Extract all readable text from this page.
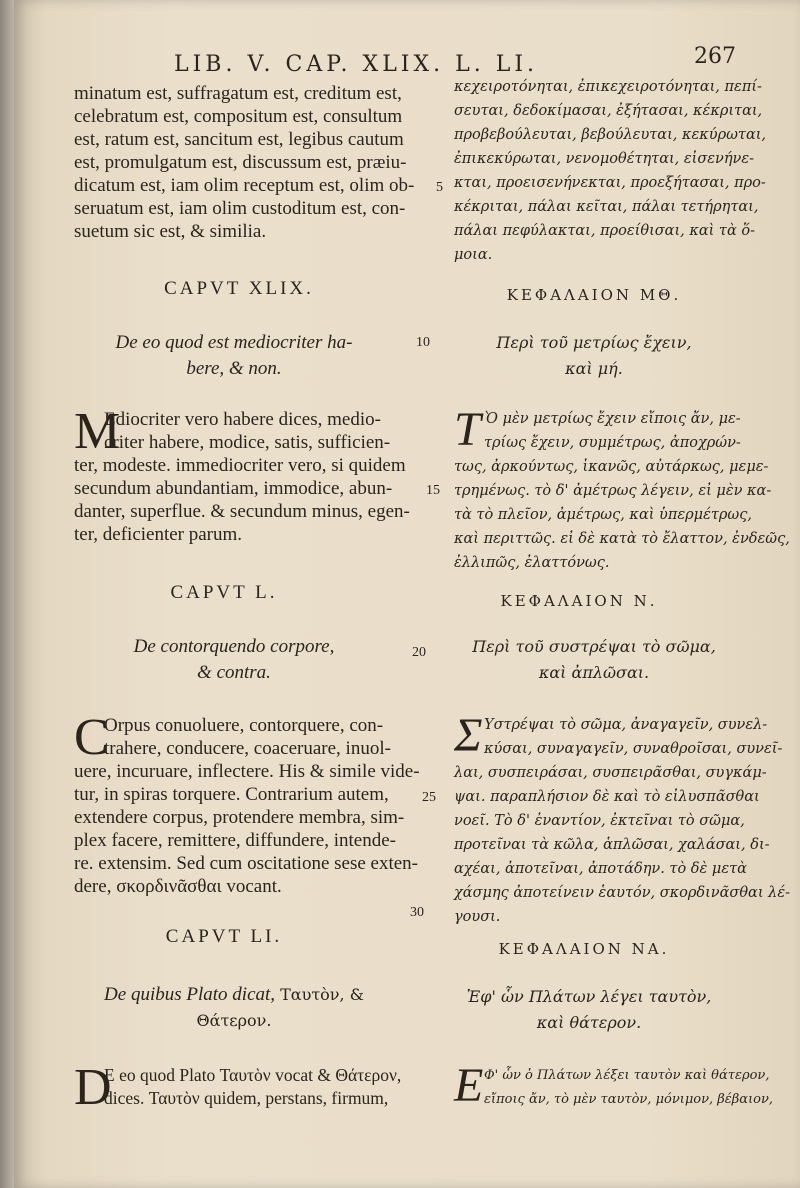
LIB. V. CAP. XLIX. L. LI.	267
minatum est, suffragatum est, creditum est,
celebratum est, compositum est, consultum
est, ratum est, sancitum est, legibus cautum
est, promulgatum est, discussum est, præiu-
dicatum est, iam olim receptum est, olim ob-
seruatum est, iam olim custoditum est, con-
suetum sic est, & similia.
κεχειροτόνηται, ἐπικεχειροτόνηται, πεπί-
σευται, δεδοκίμασαι, ἐξήτασαι, κέκριται,
προβεβούλευται, βεβούλευται, κεκύρωται,
ἐπικεκύρωται, νενομοθέτηται, εἰσενήνε-
κται, προεισενήνεκται, προεξήτασαι, προ-
κέκριται, πάλαι κεῖται, πάλαι τετήρηται,
πάλαι πεφύλακται, προείθισαι, καὶ τὰ ὅ-
μοια.
CAPVT XLIX.	ΚΕΦΑΛΑΙΟΝ ΜΘ.
De eo quod est mediocriter ha-
bere, & non.
Περὶ τοῦ μετρίως ἔχειν,
καὶ μή.
M
Ediocriter vero habere dices, medio-
criter habere, modice, satis, sufficien-
ter, modeste. immediocriter vero, si quidem
secundum abundantiam, immodice, abun-
danter, superflue. & secundum minus, egen-
ter, deficienter parum.
T Ὸ μὲν μετρίως ἔχειν εἴποις ἄν, με-
τρίως ἔχειν, συμμέτρως, ἀποχρών-
τως, ἀρκούντως, ἱκανῶς, αὐτάρκως, μεμε-
τρημένως. τὸ δ' ἀμέτρως λέγειν, εἰ μὲν κα-
τὰ τὸ πλεῖον, ἀμέτρως, καὶ ὑπερμέτρως,
καὶ περιττῶς. εἰ δὲ κατὰ τὸ ἔλαττον, ἐνδεῶς,
ἐλλιπῶς, ἐλαττόνως.
CAPVT L.	ΚΕΦΑΛΑΙΟΝ Ν.
De contorquendo corpore,
& contra.
Περὶ τοῦ συστρέψαι τὸ σῶμα,
καὶ ἀπλῶσαι.
C
Orpus conuoluere, contorquere, con-
trahere, conducere, coaceruare, inuol-
uere, incuruare, inflectere. His & simile vide-
tur, in spiras torquere. Contrarium autem,
extendere corpus, protendere membra, sim-
plex facere, remittere, diffundere, intende-
re. extensim. Sed cum oscitatione sese exten-
dere, σκορδινᾶσθαι vocant.
Σ Υστρέψαι τὸ σῶμα, ἀναγαγεῖν, συνελ-
κύσαι, συναγαγεῖν, συναθροῖσαι, συνεῖ-
λαι, συσπειράσαι, συσπειρᾶσθαι, συγκάμ-
ψαι. παραπλήσιον δὲ καὶ τὸ εἰλυσπᾶσθαι
νοεῖ. Τὸ δ' ἐναντίον, ἐκτεῖναι τὸ σῶμα,
προτεῖναι τὰ κῶλα, ἁπλῶσαι, χαλάσαι, δι-
αχέαι, ἀποτεῖναι, ἀποτάδην. τὸ δὲ μετὰ
χάσμης ἀποτείνειν ἑαυτόν, σκορδινᾶσθαι λέ-
γουσι.
CAPVT LI.
ΚΕΦΑΛΑΙΟΝ ΝΑ.
De quibus Plato dicat, Ταυτὸν, &
Θάτερον.
Ἐφ' ὧν Πλάτων λέγει ταυτὸν,
καὶ θάτερον.
D
E eo quod Plato Ταυτὸν vocat & Θάτερον,
dices. Ταυτὸν quidem, perstans, firmum, Ε Φ' ὧν ὁ Πλάτων λέξει ταυτὸν καὶ θάτερον,
εἴποις ἄν, τὸ μὲν ταυτὸν, μόνιμον, βέβαιον,
5
10
15
20
25
30
